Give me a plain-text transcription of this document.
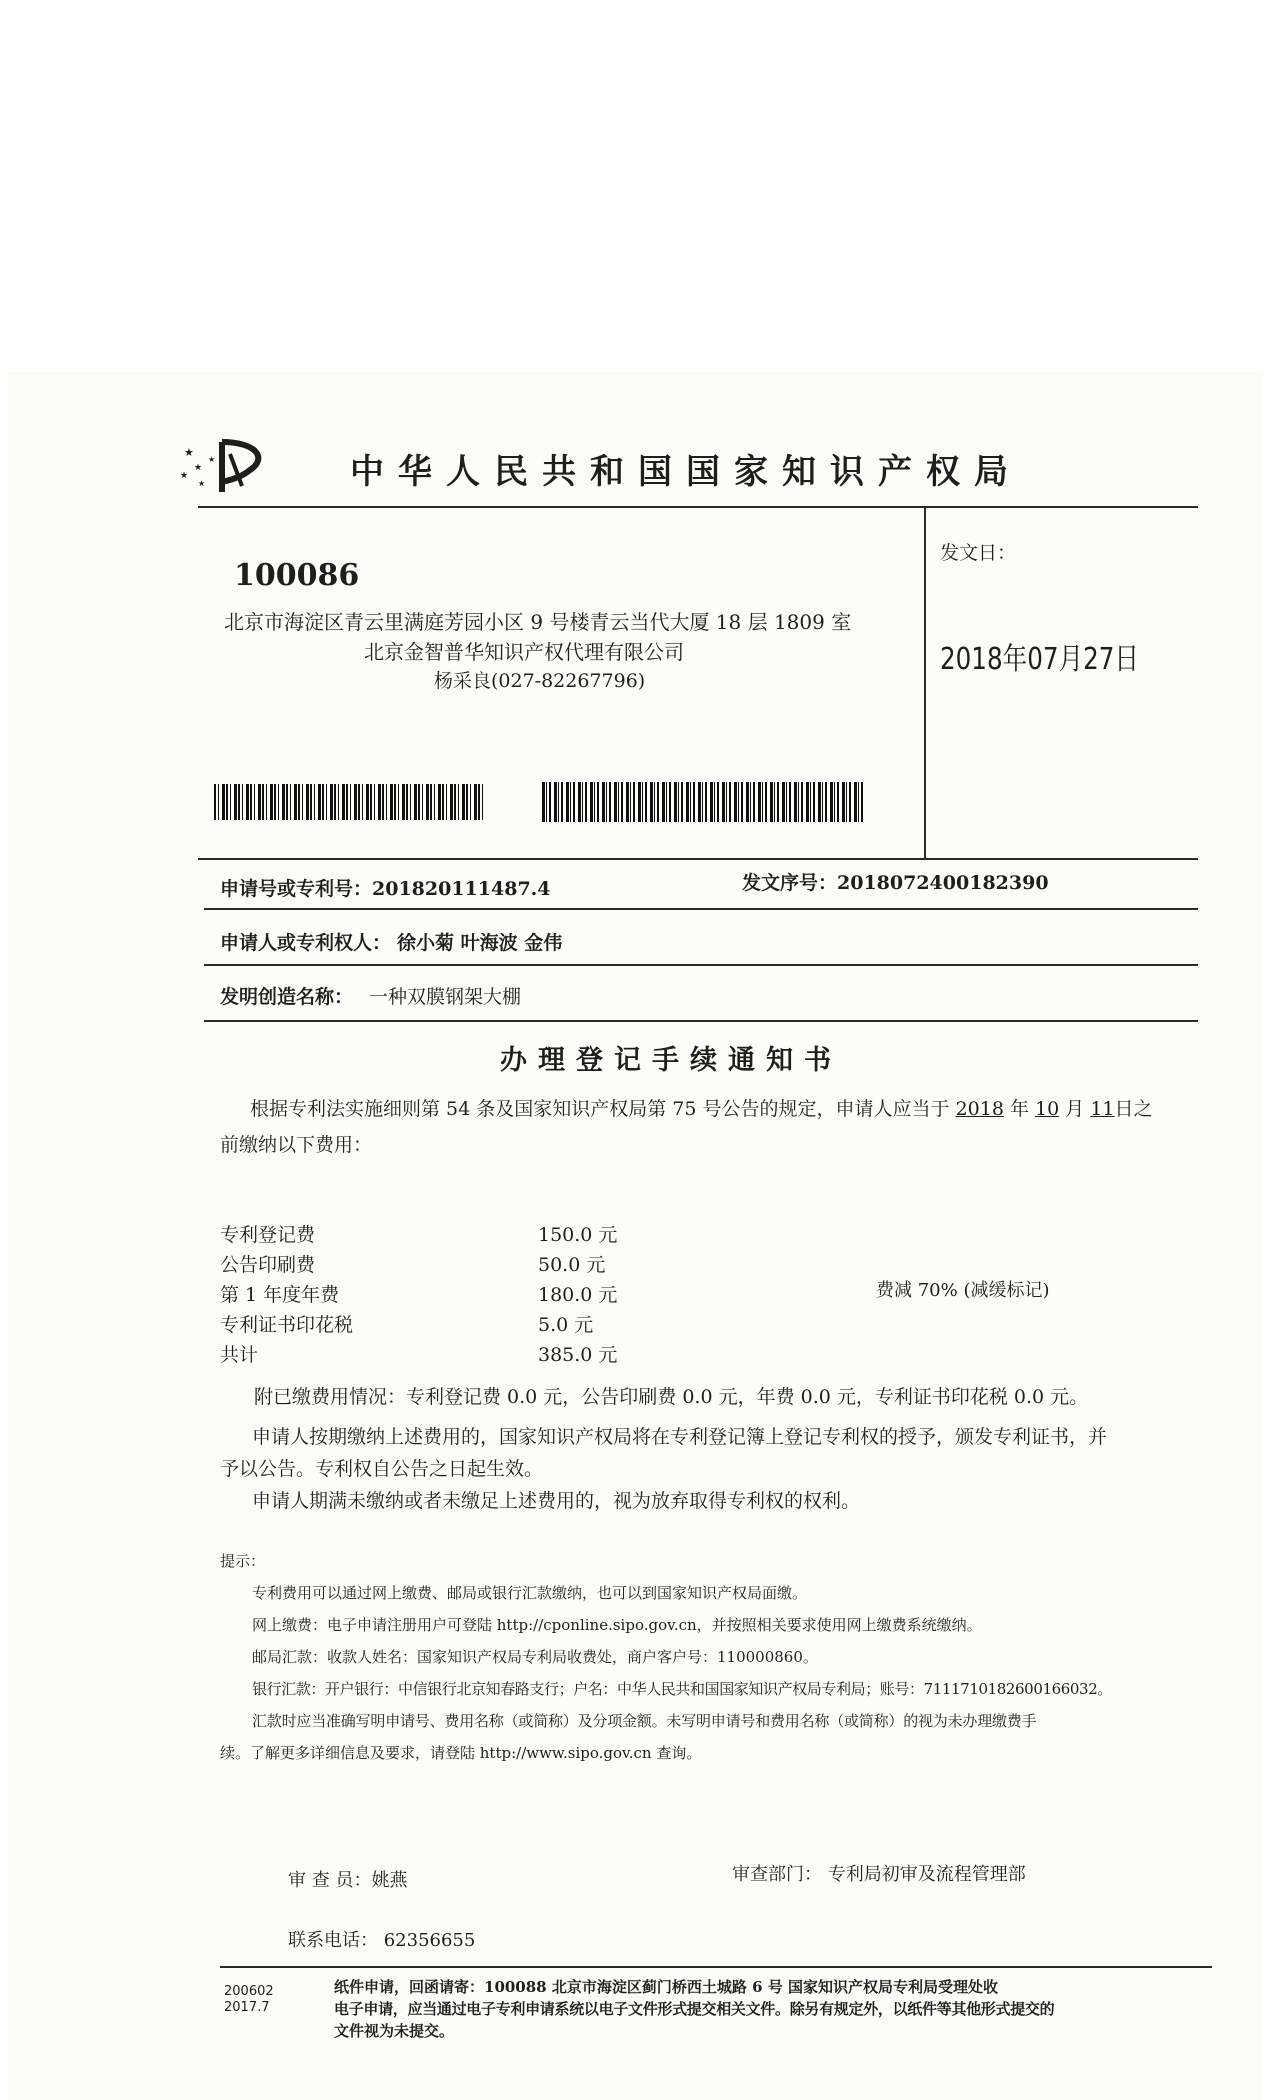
★
★
★
★
★	中华人民共和国国家知识产权局
100086
北京市海淀区青云里满庭芳园小区 9 号楼青云当代大厦 18 层 1809 室
北京金智普华知识产权代理有限公司
杨采良(027-82267796)
发文日：
2018年07月27日
申请号或专利号：201820111487.4	发文序号：2018072400182390
申请人或专利权人： 徐小菊 叶海波 金伟
发明创造名称： 一种双膜钢架大棚
办理登记手续通知书
根据专利法实施细则第 54 条及国家知识产权局第 75 号公告的规定，申请人应当于 2018 年 10 月 11日之
前缴纳以下费用：
专利登记费	150.0 元
公告印刷费	50.0 元
第 1 年度年费	180.0 元
专利证书印花税	5.0 元
共计	385.0 元
费减 70% (减缓标记)
附已缴费用情况：专利登记费 0.0 元，公告印刷费 0.0 元，年费 0.0 元，专利证书印花税 0.0 元。
申请人按期缴纳上述费用的，国家知识产权局将在专利登记簿上登记专利权的授予，颁发专利证书，并
予以公告。专利权自公告之日起生效。
申请人期满未缴纳或者未缴足上述费用的，视为放弃取得专利权的权利。
提示：
专利费用可以通过网上缴费、邮局或银行汇款缴纳，也可以到国家知识产权局面缴。
网上缴费：电子申请注册用户可登陆 http://cponline.sipo.gov.cn，并按照相关要求使用网上缴费系统缴纳。
邮局汇款：收款人姓名：国家知识产权局专利局收费处，商户客户号：110000860。
银行汇款：开户银行：中信银行北京知春路支行；户名：中华人民共和国国家知识产权局专利局；账号：7111710182600166032。
汇款时应当准确写明申请号、费用名称（或简称）及分项金额。未写明申请号和费用名称（或简称）的视为未办理缴费手
续。了解更多详细信息及要求，请登陆 http://www.sipo.gov.cn 查询。
审 查 员：姚燕	审查部门： 专利局初审及流程管理部
联系电话： 62356655
200602
2017.7
纸件申请，回函请寄：100088 北京市海淀区蓟门桥西土城路 6 号 国家知识产权局专利局受理处收
电子申请，应当通过电子专利申请系统以电子文件形式提交相关文件。除另有规定外，以纸件等其他形式提交的
文件视为未提交。
